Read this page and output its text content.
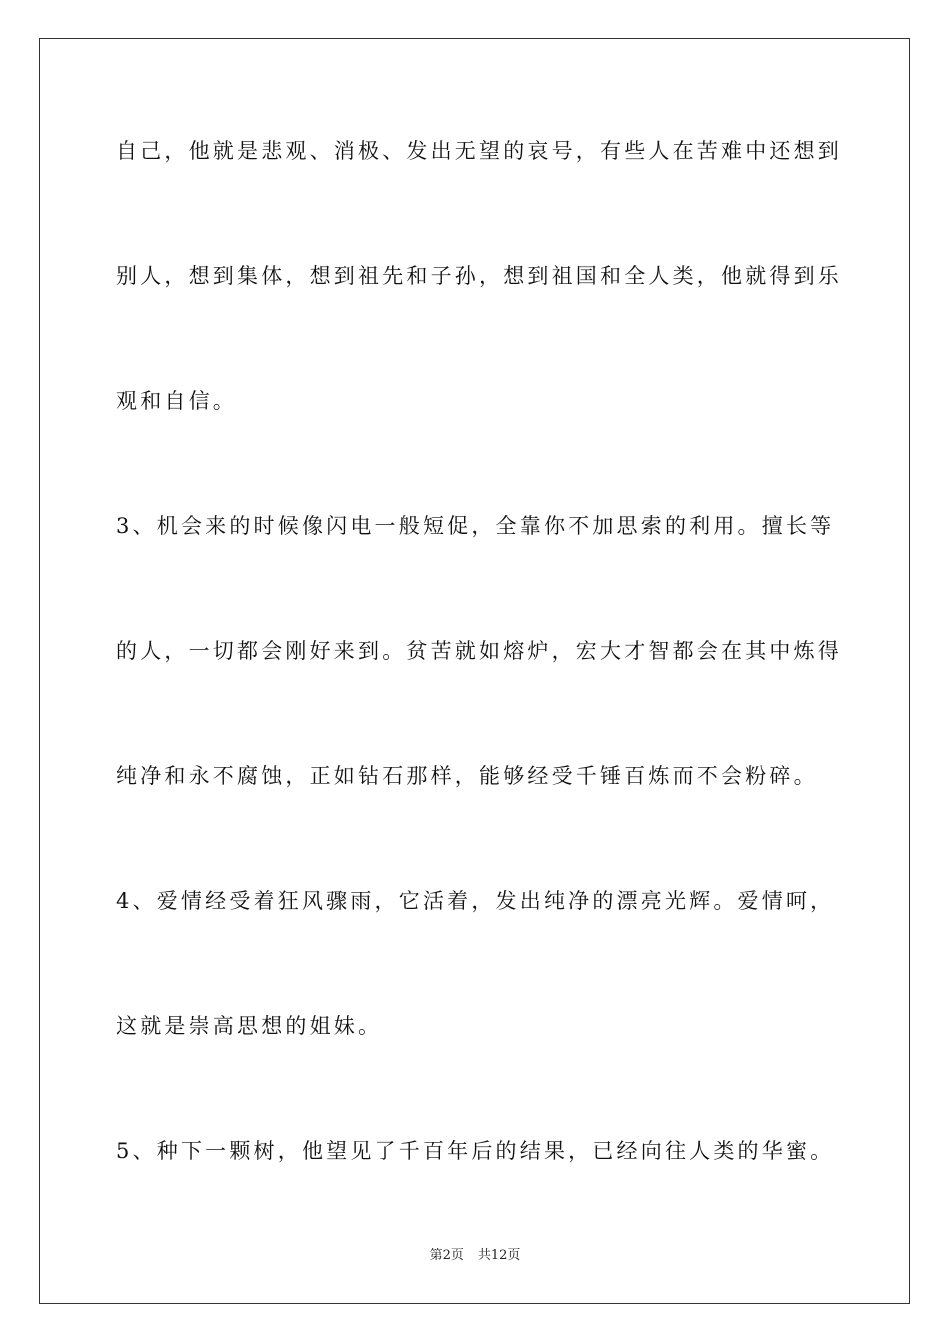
自己，他就是悲观、消极、发出无望的哀号，有些人在苦难中还想到
别人，想到集体，想到祖先和子孙，想到祖国和全人类，他就得到乐
观和自信。
3、机会来的时候像闪电一般短促，全靠你不加思索的利用。擅长等
的人，一切都会刚好来到。贫苦就如熔炉，宏大才智都会在其中炼得
纯净和永不腐蚀，正如钻石那样，能够经受千锤百炼而不会粉碎。
4、爱情经受着狂风骤雨，它活着，发出纯净的漂亮光辉。爱情呵，
这就是崇高思想的姐妹。
5、种下一颗树，他望见了千百年后的结果，已经向往人类的华蜜。
第2页 共12页
